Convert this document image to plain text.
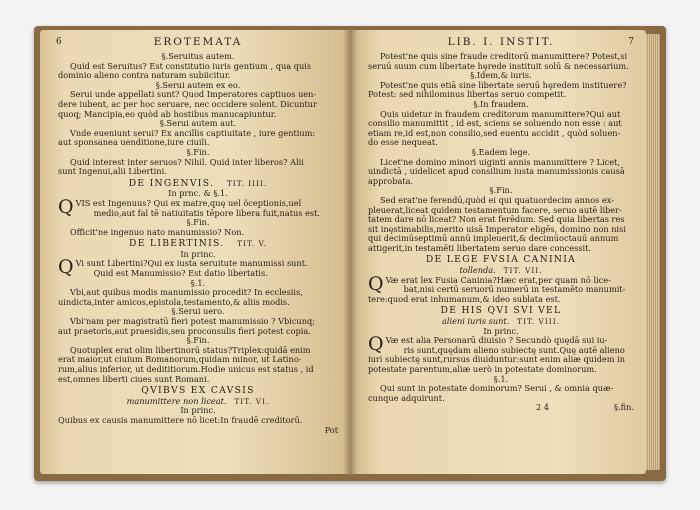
6	EROTEMATA
§.Seruitus autem.
Quid est Seruitus? Est constitutio iuris gentium , qua quis
dominio alieno contra naturam subiicitur.
§.Serui autem ex eo.
Serui unde appellati sunt? Quod Imperatores captiuos uen-
dere iubent, ac per hoc seruare, nec occidere solent. Dicuntur
quoq; Mancipia,eo quòd ab hostibus manucapiuntur.
§.Serui autem aut.
Vnde eueniunt serui? Ex ancillis captiuitate , iure gentium:
aut sponsanea uenditione,iure ciuili.
§.Fin.
Quid interest inter seruos? Nihil. Quid inter liberos? Alii
sunt Ingenui,alii Libertini.
DE INGENVIS. TIT. IIII.
In prnc. & §.1.
QVIS est Ingenuus? Qui ex matre,quę uel õceptionis,uel
medio,aut fal tē natiuitatis tēpore libera fuit,natus est.
§.Fin.
Officit'ne ingenuo nato manumissio? Non.
DE LIBERTINIS. TIT. V.
In princ.
Q Vi sunt Libertini?Qui ex iusta seruitute manumissi sunt.
Quid est Manumissio? Est datio libertatis.
§.1.
Vbi,aut quibus modis manumissio procedit? In ecclesiis,
uindicta,inter amicos,epistola,testamento,& aliis modis.
§.Serui uero.
Vbi'nam per magistratū fieri potest manumissio ? Vbicunq;
aut praetoris,aut praesidis,seu proconsulis fieri potest copia.
§.Fin.
Quotuplex erat olim libertinorū status?Triplex:quidā enim
erat maior,ut ciuium Romanorum,quidam minor, ut Latino-
rum,alius inferior, ut dedititiorum.Hodie unicus est status , id
est,omnes liberti ciues sunt Romani.
QVIBVS EX CAVSIS
manumittere non liceat. TIT. VI.
In princ.
Quibus ex causis manumittere nō licet:In fraudē creditorū.
Pot
LIB. I. INSTIT.	7
Potest'ne quis sine fraude creditorū manumittere? Potest,si
seruū suum cum libertate hęrede instituit solū & necessarium.
§.Idem,& iuris.
Potest'ne quis etiā sine libertate seruū hęredem instituere?
Potest: sed nihilominus libertas seruo competit.
§.In fraudem.
Quis uidetur in fraudem creditorum manumittere?Qui aut
consilio manumittit , id est, sciens se soluendo non esse : aut
etiam re,id est,non consilio,sed euentu accidit , quòd soluen-
do esse nequeat.
§.Eadem lege.
Licet'ne domino minori uiginti annis manumittere ? Licet,
uindictā , uidelicet apud consilium iusta manumissionis causā
approbata.
§.Fin.
Sed erat'ne ferendū,quòd ei qui quatuordecim annos ex-
pleuerat,liceat quidem testamentum facere, seruo autē liber-
tatem dare nō liceat? Non erat ferēdum. Sed quia libertas res
sit inęstimabilis,merito uisā Imperator eligēs, domino non nisi
qui decimūseptimū annū impleuerit,& decimūoctauū annum
attigerit,in testamēti libertatem seruo dare concessit.
DE LEGE FVSIA CANINIA
tollenda. TIT. VII.
Q Væ erat lex Fusia Caninia?Hæc erat,per quam nō lice-
bat,nisi certū seruorū numerū in testamēto manumit-
tere:quod erat inhumanum,& ideo sublata est.
DE HIS QVI SVI VEL
alieni iuris sunt. TIT. VIII.
In princ.
Q Væ est alia Personarū diuisio ? Secundò quędā sui iu-
ris sunt,quędam alieno subiectę sunt.Quę autē alieno
iuri subiectę sunt,rursus diuiduntur:sunt enim aliæ quidem in
potestate parentum,aliæ uerò in potestate dominorum.
§.1.
Qui sunt in potestate dominorum? Serui , & omnia quæ-
cunque adquirunt.
2 4	§.fin.
